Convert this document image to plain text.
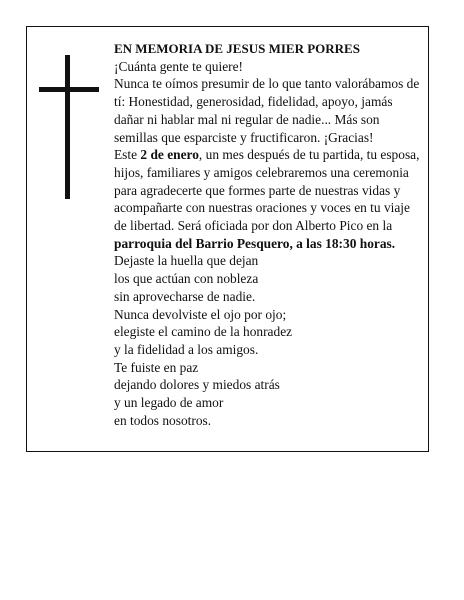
EN MEMORIA DE JESUS MIER PORRES

¡Cuánta gente te quiere!

Nunca te oímos presumir de lo que tanto valorábamos de tí: Honestidad, generosidad, fidelidad, apoyo, jamás dañar ni hablar mal ni regular de nadie... Más son semillas que esparciste y fructificaron. ¡Gracias!

Este 2 de enero, un mes después de tu partida, tu esposa, hijos, familiares y amigos celebraremos una ceremonia para agradecerte que formes parte de nuestras vidas y acompañarte con nuestras oraciones y voces en tu viaje de libertad. Será oficiada por don Alberto Pico en la parroquia del Barrio Pesquero, a las 18:30 horas.

Dejaste la huella que dejan

los que actúan con nobleza

sin aprovecharse de nadie.

Nunca devolviste el ojo por ojo;

elegiste el camino de la honradez

y la fidelidad a los amigos.

Te fuiste en paz

dejando dolores y miedos atrás

y un legado de amor

en todos nosotros.
